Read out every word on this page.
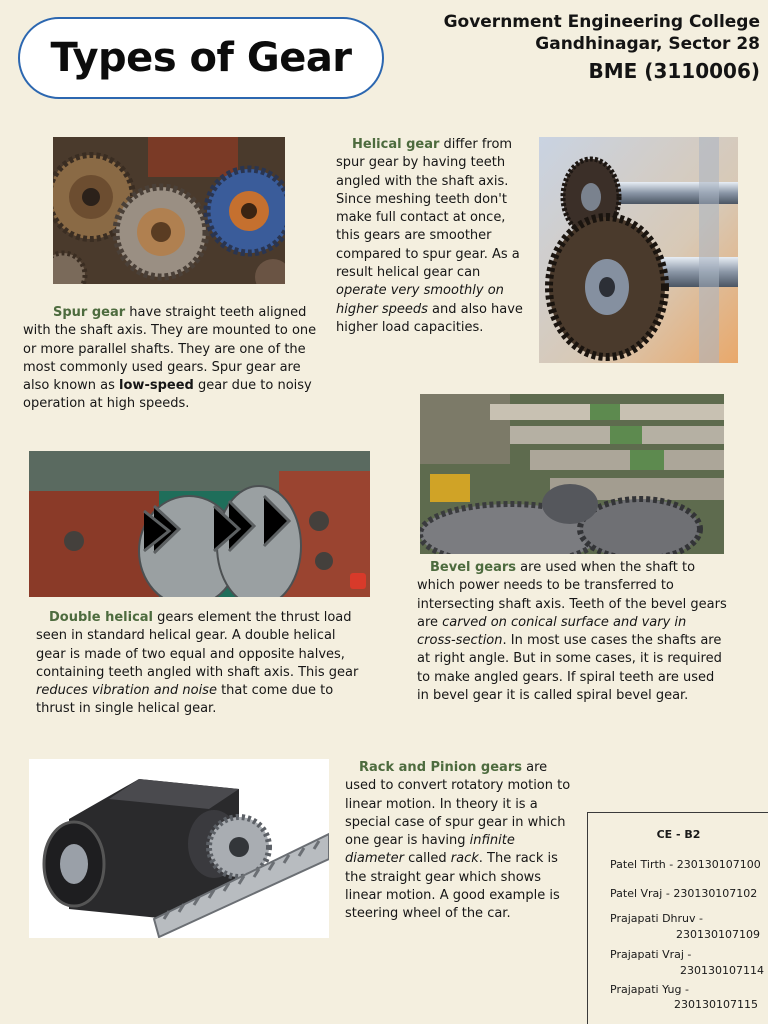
Types of Gear
Government Engineering College
Gandhinagar, Sector 28
BME (3110006)
Spur gear have straight teeth aligned with the shaft axis. They are mounted to one or more parallel shafts. They are one of the most commonly used gears. Spur gear are also known as low-speed gear due to noisy operation at high speeds.
Helical gear differ from spur gear by having teeth angled with the shaft axis. Since meshing teeth don't make full contact at once, this gears are smoother compared to spur gear. As a result helical gear can operate very smoothly on higher speeds and also have higher load capacities.
Bevel gears are used when the shaft to which power needs to be transferred to intersecting shaft axis. Teeth of the bevel gears are carved on conical surface and vary in cross-section. In most use cases the shafts are at right angle. But in some cases, it is required to make angled gears. If spiral teeth are used in bevel gear it is called spiral bevel gear.
Double helical gears element the thrust load seen in standard helical gear. A double helical gear is made of two equal and opposite halves, containing teeth angled with shaft axis. This gear reduces vibration and noise that come due to thrust in single helical gear.
Rack and Pinion gears are used to convert rotatory motion to linear motion. In theory it is a special case of spur gear in which one gear is having infinite diameter called rack. The rack is the straight gear which shows linear motion. A good example is steering wheel of the car.
CE - B2
Patel Tirth - 230130107100
Patel Vraj - 230130107102
Prajapati Dhruv -
230130107109
Prajapati Vraj -
230130107114
Prajapati Yug -
230130107115
